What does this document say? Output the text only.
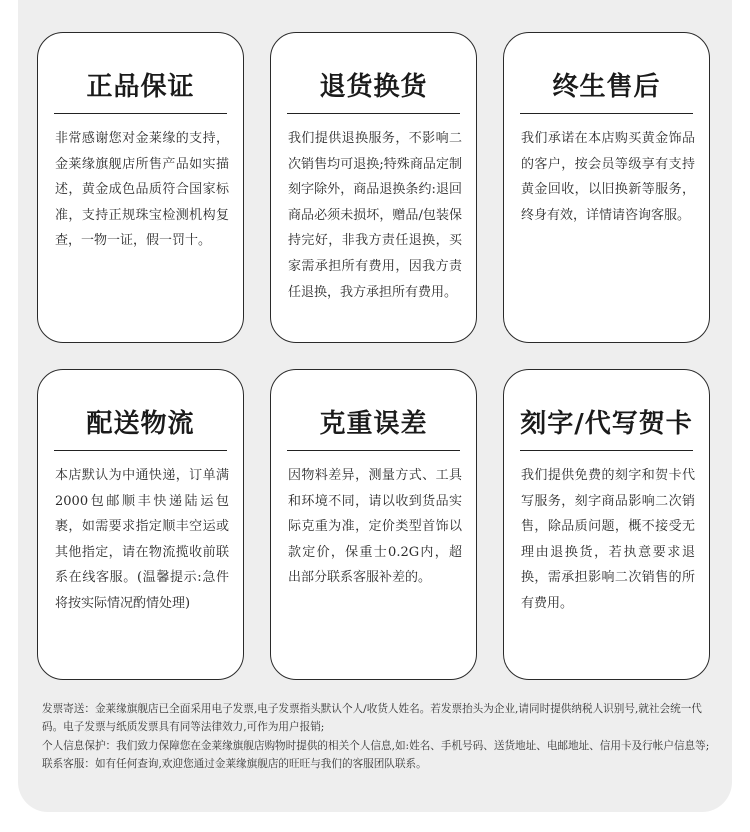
正品保证
非常感谢您对金莱缘的支持，金莱缘旗舰店所售产品如实描述，黄金成色品质符合国家标准，支持正规珠宝检测机构复查，一物一证，假一罚十。
退货换货
我们提供退换服务，不影响二次销售均可退换;特殊商品定制刻字除外，商品退换条约:退回商品必须未损坏，赠品/包装保持完好，非我方责任退换，买家需承担所有费用，因我方责任退换，我方承担所有费用。
终生售后
我们承诺在本店购买黄金饰品的客户，按会员等级享有支持黄金回收，以旧换新等服务，终身有效，详情请咨询客服。
配送物流
本店默认为中通快递，订单满2000包邮顺丰快递陆运包裹，如需要求指定顺丰空运或其他指定，请在物流揽收前联系在线客服。(温馨提示:急件将按实际情况酌情处理)
克重误差
因物料差异，测量方式、工具和环境不同，请以收到货品实际克重为准，定价类型首饰以款定价，保重士0.2G内，超出部分联系客服补差的。
刻字/代写贺卡
我们提供免费的刻字和贺卡代写服务，刻字商品影响二次销售，除品质问题，概不接受无理由退换货，若执意要求退换，需承担影响二次销售的所有费用。

发票寄送：金莱缘旗舰店已全面采用电子发票,电子发票指头默认个人/收货人姓名。若发票抬头为企业,请同时提供纳税人识别号,就社会统一代码。电子发票与纸质发票具有同等法律效力,可作为用户报销;

个人信息保护：我们致力保障您在金莱缘旗舰店购物时提供的相关个人信息,如:姓名、手机号码、送货地址、电邮地址、信用卡及行帐户信息等;

联系客服：如有任何查询,欢迎您通过金莱缘旗舰店的旺旺与我们的客服团队联系。
